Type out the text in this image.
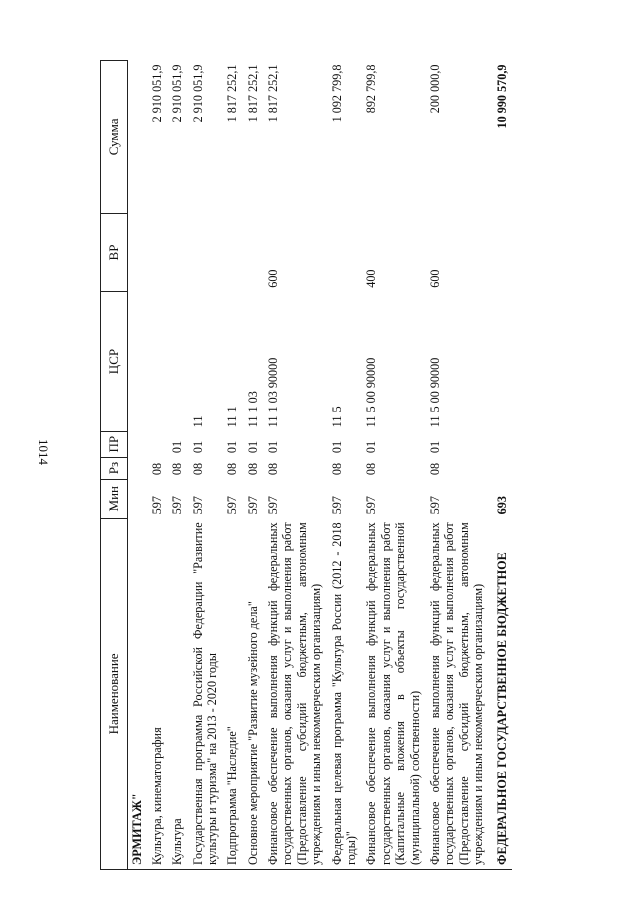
1014
Наименование	Мин	Рз	ПР	ЦСР	ВР	Сумма
ЭРМИТАЖ"						
Культура, кинематография	597	08				2 910 051,9
Культура	597	08	01			2 910 051,9
Государственная программа Российской Федерации "Развитие культуры и туризма" на 2013 - 2020 годы	597	08	01	11		2 910 051,9
Подпрограмма "Наследие"	597	08	01	11 1		1 817 252,1
Основное мероприятие "Развитие музейного дела"	597	08	01	11 1 03		1 817 252,1
Финансовое обеспечение выполнения функций федеральных государственных органов, оказания услуг и выполнения работ (Предоставление субсидий бюджетным, автономным учреждениям и иным некоммерческим организациям)	597	08	01	11 1 03 90000	600	1 817 252,1
Федеральная целевая программа "Культура России (2012 - 2018 годы)"	597	08	01	11 5		1 092 799,8
Финансовое обеспечение выполнения функций федеральных государственных органов, оказания услуг и выполнения работ (Капитальные вложения в объекты государственной (муниципальной) собственности)	597	08	01	11 5 00 90000	400	892 799,8
Финансовое обеспечение выполнения функций федеральных государственных органов, оказания услуг и выполнения работ (Предоставление субсидий бюджетным, автономным учреждениям и иным некоммерческим организациям)	597	08	01	11 5 00 90000	600	200 000,0
ФЕДЕРАЛЬНОЕ ГОСУДАРСТВЕННОЕ БЮДЖЕТНОЕ	693					10 990 570,9
